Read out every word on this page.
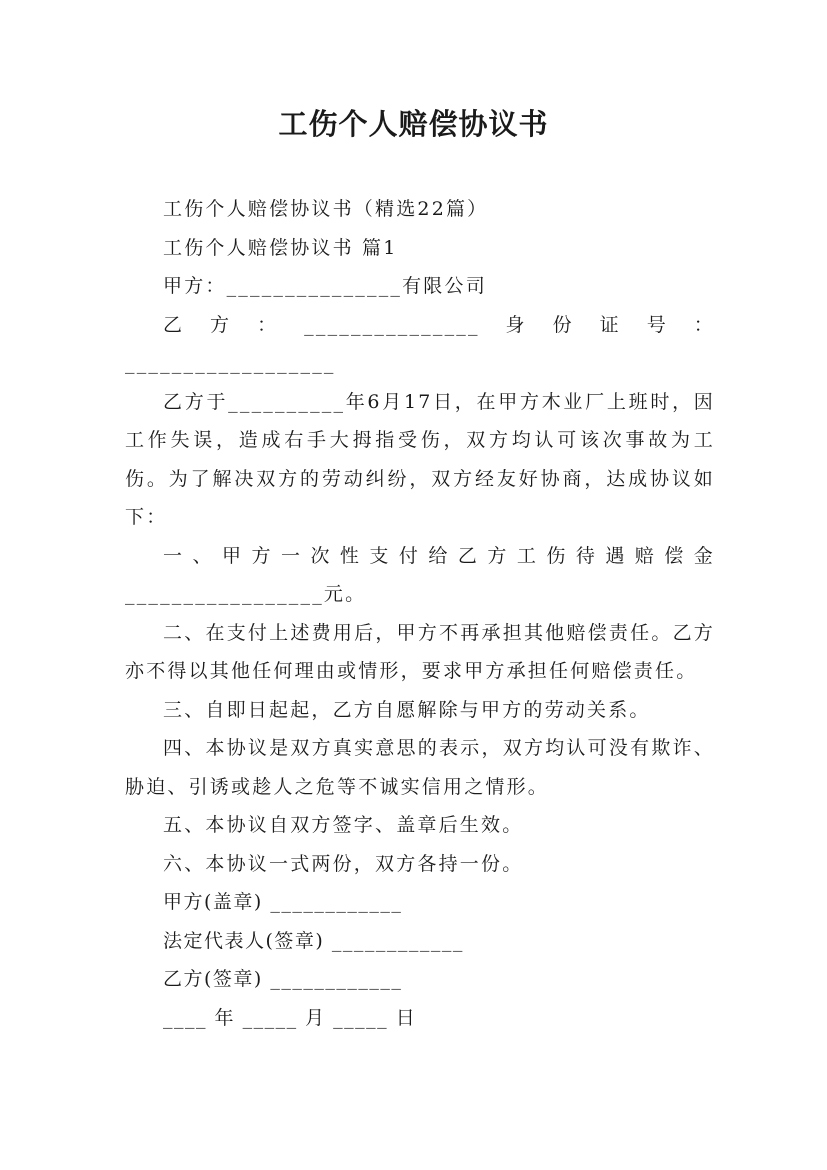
工伤个人赔偿协议书

工伤个人赔偿协议书（精选22篇）

工伤个人赔偿协议书 篇1

甲方：_______________有限公司

乙方：_______________身份证号：__________________

乙方于__________年6月17日，在甲方木业厂上班时，因工作失误，造成右手大拇指受伤，双方均认可该次事故为工伤。为了解决双方的劳动纠纷，双方经友好协商，达成协议如下：

一、甲方一次性支付给乙方工伤待遇赔偿金_________________元。

二、在支付上述费用后，甲方不再承担其他赔偿责任。乙方亦不得以其他任何理由或情形，要求甲方承担任何赔偿责任。

三、自即日起起，乙方自愿解除与甲方的劳动关系。

四、本协议是双方真实意思的表示，双方均认可没有欺诈、胁迫、引诱或趁人之危等不诚实信用之情形。

五、本协议自双方签字、盖章后生效。

六、本协议一式两份，双方各持一份。

甲方(盖章) ____________

法定代表人(签章) ____________

乙方(签章) ____________

____ 年 _____ 月 _____ 日
